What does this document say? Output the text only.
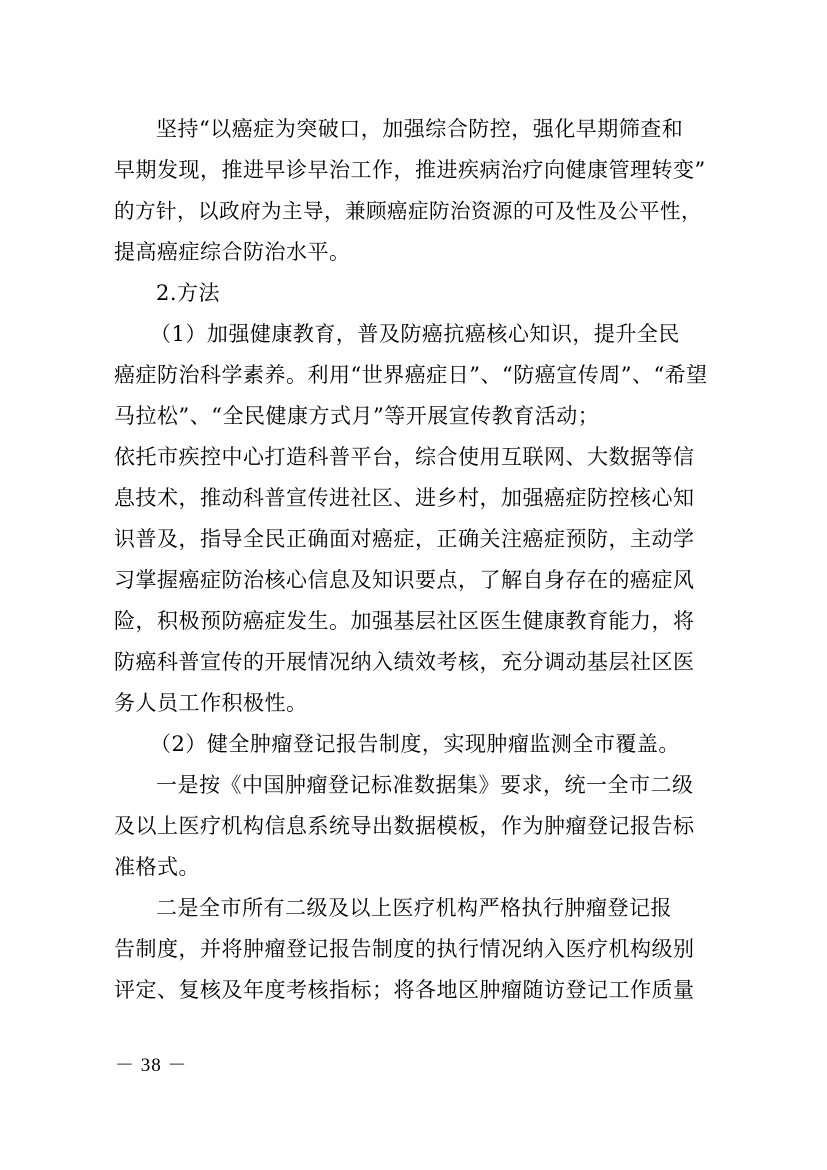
坚持“以癌症为突破口，加强综合防控，强化早期筛查和
早期发现，推进早诊早治工作，推进疾病治疗向健康管理转变”
的方针，以政府为主导，兼顾癌症防治资源的可及性及公平性，
提高癌症综合防治水平。
2.方法
（1）加强健康教育，普及防癌抗癌核心知识，提升全民
癌症防治科学素养。利用“世界癌症日”、“防癌宣传周”、“希望
马拉松”、“全民健康方式月”等开展宣传教育活动；
依托市疾控中心打造科普平台，综合使用互联网、大数据等信
息技术，推动科普宣传进社区、进乡村，加强癌症防控核心知
识普及，指导全民正确面对癌症，正确关注癌症预防，主动学
习掌握癌症防治核心信息及知识要点，了解自身存在的癌症风
险，积极预防癌症发生。加强基层社区医生健康教育能力，将
防癌科普宣传的开展情况纳入绩效考核，充分调动基层社区医
务人员工作积极性。
（2）健全肿瘤登记报告制度，实现肿瘤监测全市覆盖。
一是按《中国肿瘤登记标准数据集》要求，统一全市二级
及以上医疗机构信息系统导出数据模板，作为肿瘤登记报告标
准格式。
二是全市所有二级及以上医疗机构严格执行肿瘤登记报
告制度，并将肿瘤登记报告制度的执行情况纳入医疗机构级别
评定、复核及年度考核指标；将各地区肿瘤随访登记工作质量
－ 38 －
